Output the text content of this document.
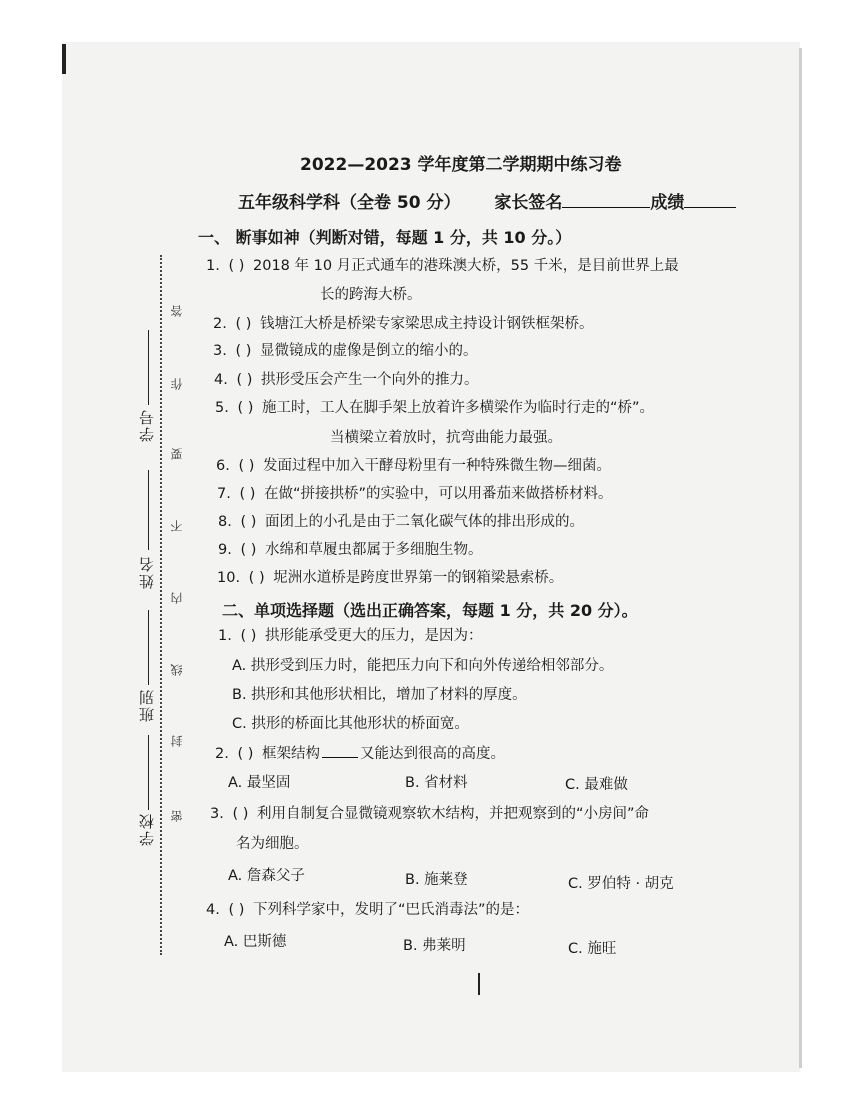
学校
班别
姓名
学号
密
封
线
内
不
要
作
答
2022—2023 学年度第二学期期中练习卷
五年级科学科（全卷 50 分） 家长签名	成绩
一、 断事如神（判断对错，每题 1 分，共 10 分。）
1. ( ) 2018 年 10 月正式通车的港珠澳大桥，55 千米，是目前世界上最
长的跨海大桥。
2. ( ) 钱塘江大桥是桥梁专家梁思成主持设计钢铁框架桥。
3. ( ) 显微镜成的虚像是倒立的缩小的。
4. ( ) 拱形受压会产生一个向外的推力。
5. ( ) 施工时，工人在脚手架上放着许多横梁作为临时行走的“桥”。
当横梁立着放时，抗弯曲能力最强。
6. ( ) 发面过程中加入干酵母粉里有一种特殊微生物—细菌。
7. ( ) 在做“拼接拱桥”的实验中，可以用番茄来做搭桥材料。
8. ( ) 面团上的小孔是由于二氧化碳气体的排出形成的。
9. ( ) 水绵和草履虫都属于多细胞生物。
10. ( ) 坭洲水道桥是跨度世界第一的钢箱梁悬索桥。
二、单项选择题（选出正确答案，每题 1 分，共 20 分）。
1. ( ) 拱形能承受更大的压力，是因为：
A. 拱形受到压力时，能把压力向下和向外传递给相邻部分。
B. 拱形和其他形状相比，增加了材料的厚度。
C. 拱形的桥面比其他形状的桥面宽。
2. ( ) 框架结构	又能达到很高的高度。
A. 最坚固	B. 省材料	C. 最难做
3. ( ) 利用自制复合显微镜观察软木结构，并把观察到的“小房间”命
名为细胞。
A. 詹森父子	B. 施莱登	C. 罗伯特 · 胡克
4. ( ) 下列科学家中，发明了“巴氏消毒法”的是：
A. 巴斯德	B. 弗莱明	C. 施旺
